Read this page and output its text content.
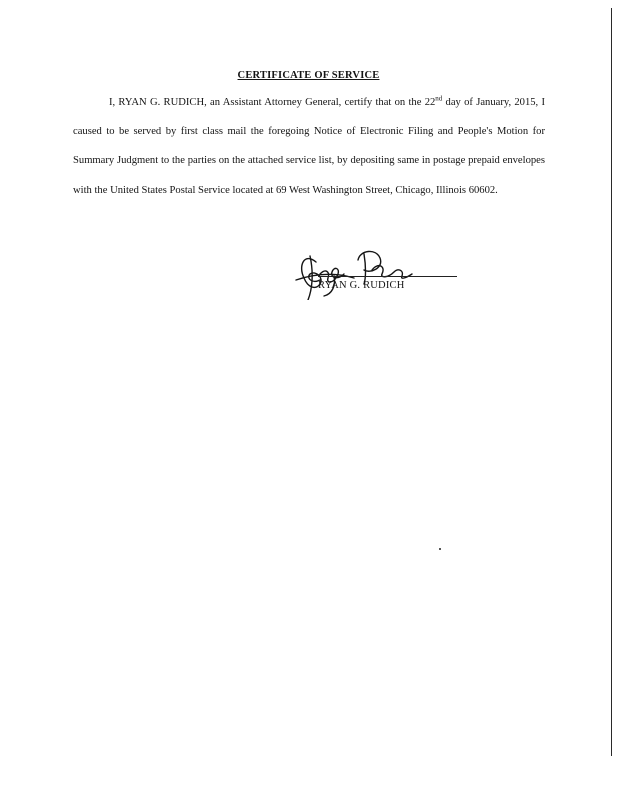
CERTIFICATE OF SERVICE

I, RYAN G. RUDICH, an Assistant Attorney General, certify that on the 22nd day of January, 2015, I caused to be served by first class mail the foregoing Notice of Electronic Filing and People's Motion for Summary Judgment to the parties on the attached service list, by depositing same in postage prepaid envelopes with the United States Postal Service located at 69 West Washington Street, Chicago, Illinois 60602.

RYAN G. RUDICH
